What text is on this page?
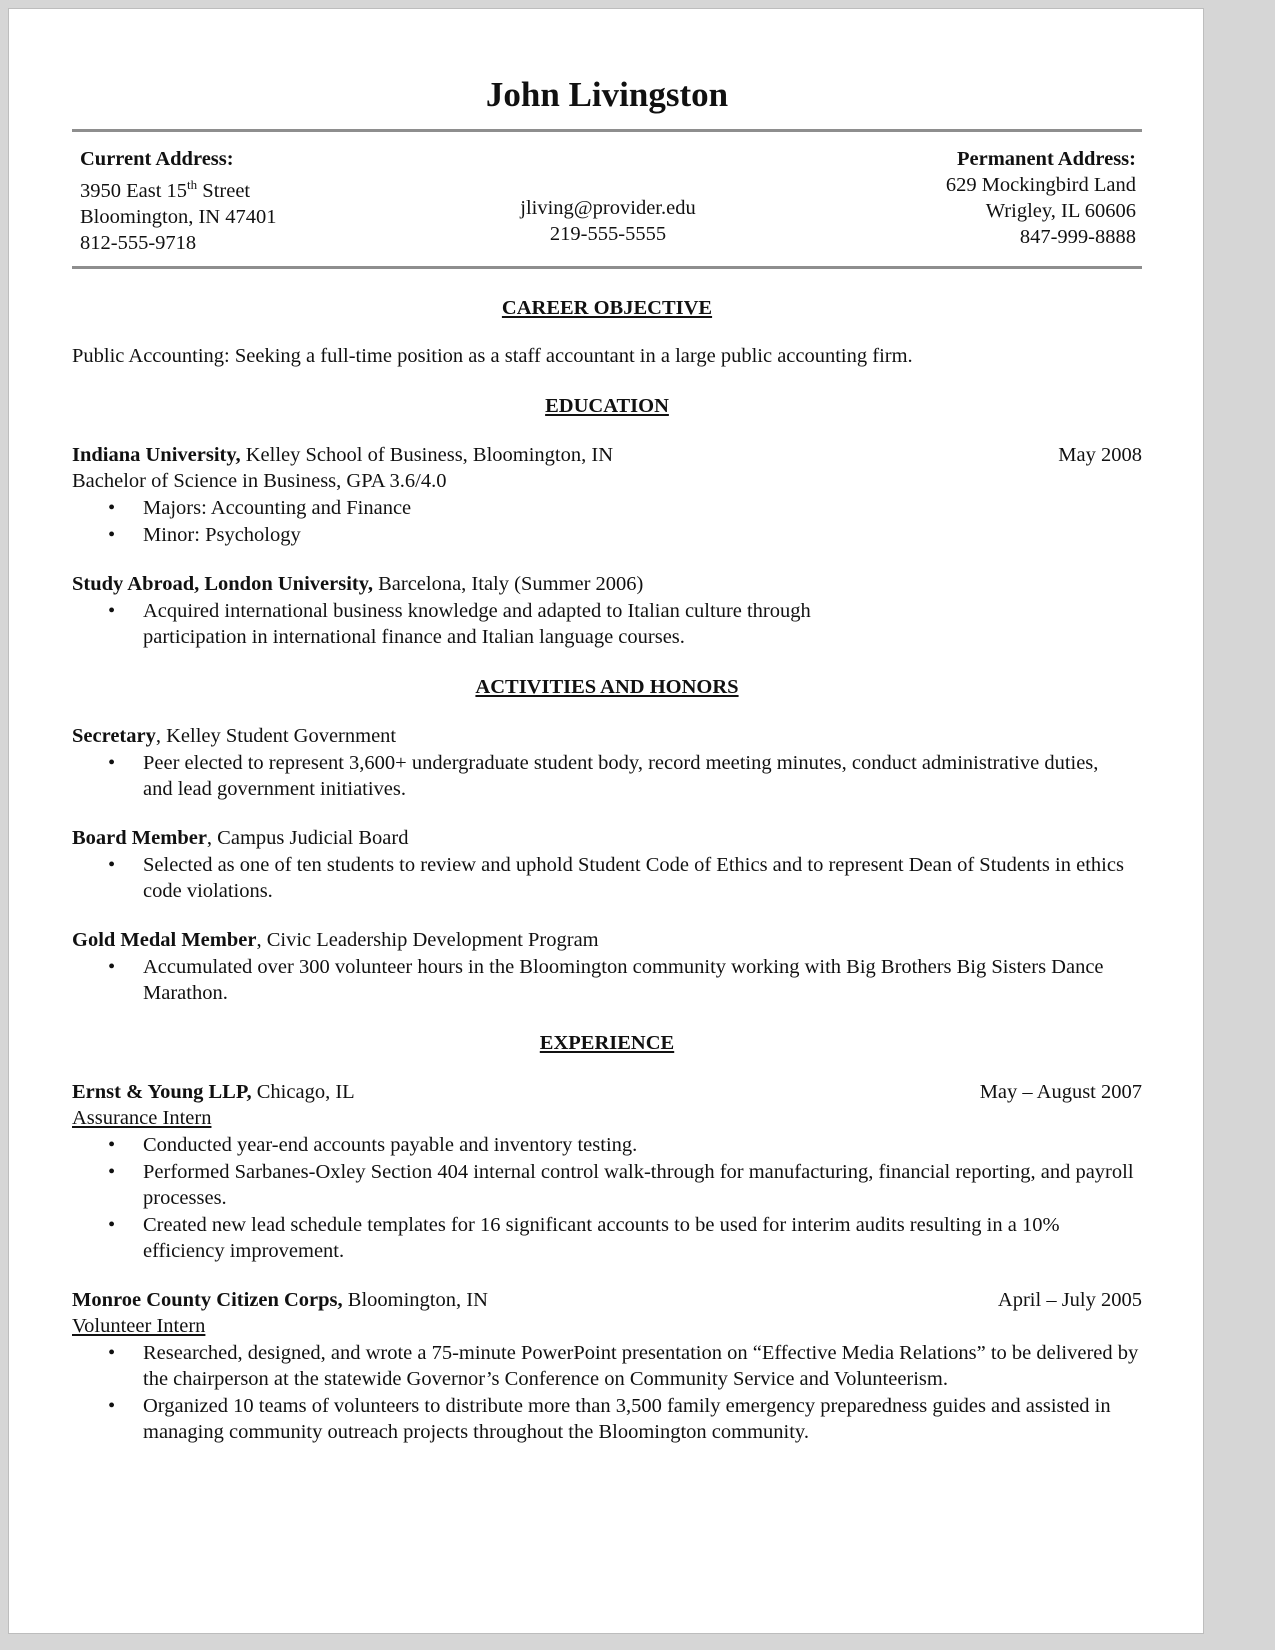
John Livingston
Current Address:
3950 East 15th Street
Bloomington, IN 47401
812-555-9718
jliving@provider.edu
219-555-5555
Permanent Address:
629 Mockingbird Land
Wrigley, IL 60606
847-999-8888

CAREER OBJECTIVE

Public Accounting: Seeking a full-time position as a staff accountant in a large public accounting firm.

EDUCATION

Indiana University, Kelley School of Business, Bloomington, IN	May 2008

Bachelor of Science in Business, GPA 3.6/4.0

• Majors: Accounting and Finance
• Minor: Psychology
Study Abroad, London University, Barcelona, Italy (Summer 2006)
• Acquired international business knowledge and adapted to Italian culture through participation in international finance and Italian language courses.

ACTIVITIES AND HONORS

Secretary, Kelley Student Government

• Peer elected to represent 3,600+ undergraduate student body, record meeting minutes, conduct administrative duties, and lead government initiatives.

Board Member, Campus Judicial Board

• Selected as one of ten students to review and uphold Student Code of Ethics and to represent Dean of Students in ethics code violations.

Gold Medal Member, Civic Leadership Development Program

• Accumulated over 300 volunteer hours in the Bloomington community working with Big Brothers Big Sisters Dance Marathon.

EXPERIENCE

Ernst & Young LLP, Chicago, IL	May – August 2007

Assurance Intern

• Conducted year-end accounts payable and inventory testing.
• Performed Sarbanes-Oxley Section 404 internal control walk-through for manufacturing, financial reporting, and payroll processes.
• Created new lead schedule templates for 16 significant accounts to be used for interim audits resulting in a 10% efficiency improvement.
Monroe County Citizen Corps, Bloomington, IN	April – July 2005

Volunteer Intern

• Researched, designed, and wrote a 75-minute PowerPoint presentation on “Effective Media Relations” to be delivered by the chairperson at the statewide Governor’s Conference on Community Service and Volunteerism.
• Organized 10 teams of volunteers to distribute more than 3,500 family emergency preparedness guides and assisted in managing community outreach projects throughout the Bloomington community.
